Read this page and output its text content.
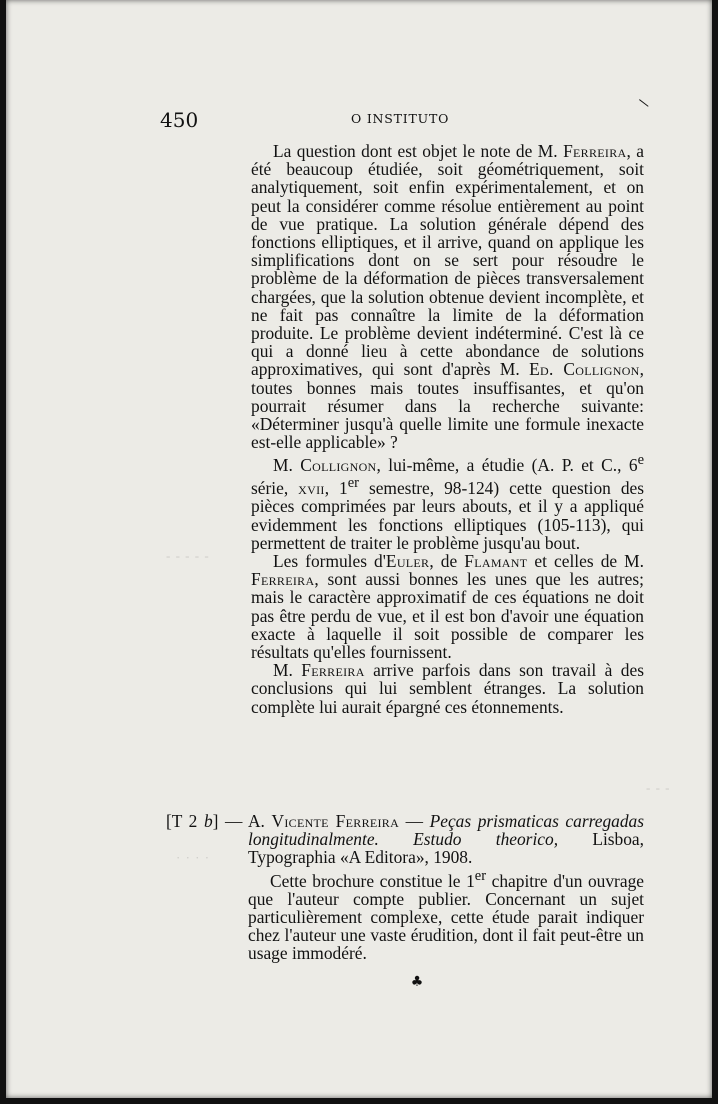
450	O INSTITUTO
\
- - - - -
· · · ·
- - -

La question dont est objet le note de M. Ferreira, a été beaucoup étudiée, soit géométriquement, soit analytiquement, soit enfin expérimentalement, et on peut la considérer comme résolue entièrement au point de vue pratique. La solution générale dépend des fonctions elliptiques, et il arrive, quand on applique les simplifications dont on se sert pour résoudre le problème de la déformation de pièces transversalement chargées, que la solution obtenue devient incomplète, et ne fait pas connaître la limite de la déformation produite. Le problème devient indéterminé. C'est là ce qui a donné lieu à cette abondance de solutions approximatives, qui sont d'après M. Ed. Collignon, toutes bonnes mais toutes insuffisantes, et qu'on pourrait résumer dans la recherche suivante: «Déterminer jusqu'à quelle limite une formule inexacte est-elle applicable» ?

M. Collignon, lui-même, a étudie (A. P. et C., 6e série, xvii, 1er semestre, 98-124) cette question des pièces comprimées par leurs abouts, et il y a appliqué evidemment les fonctions elliptiques (105-113), qui permettent de traiter le problème jusqu'au bout.

Les formules d'Euler, de Flamant et celles de M. Ferreira, sont aussi bonnes les unes que les autres; mais le caractère approximatif de ces équations ne doit pas être perdu de vue, et il est bon d'avoir une équation exacte à laquelle il soit possible de comparer les résultats qu'elles fournissent.

M. Ferreira arrive parfois dans son travail à des conclusions qui lui semblent étranges. La solution complète lui aurait épargné ces étonnements.

[T 2 b] — A. Vicente Ferreira — Peças prismaticas carregadas longitudinalmente. Estudo theorico, Lisboa, Typographia «A Editora», 1908.

Cette brochure constitue le 1er chapitre d'un ouvrage que l'auteur compte publier. Concernant un sujet particulièrement complexe, cette étude parait indiquer chez l'auteur une vaste érudition, dont il fait peut-être un usage immodéré.

♣
